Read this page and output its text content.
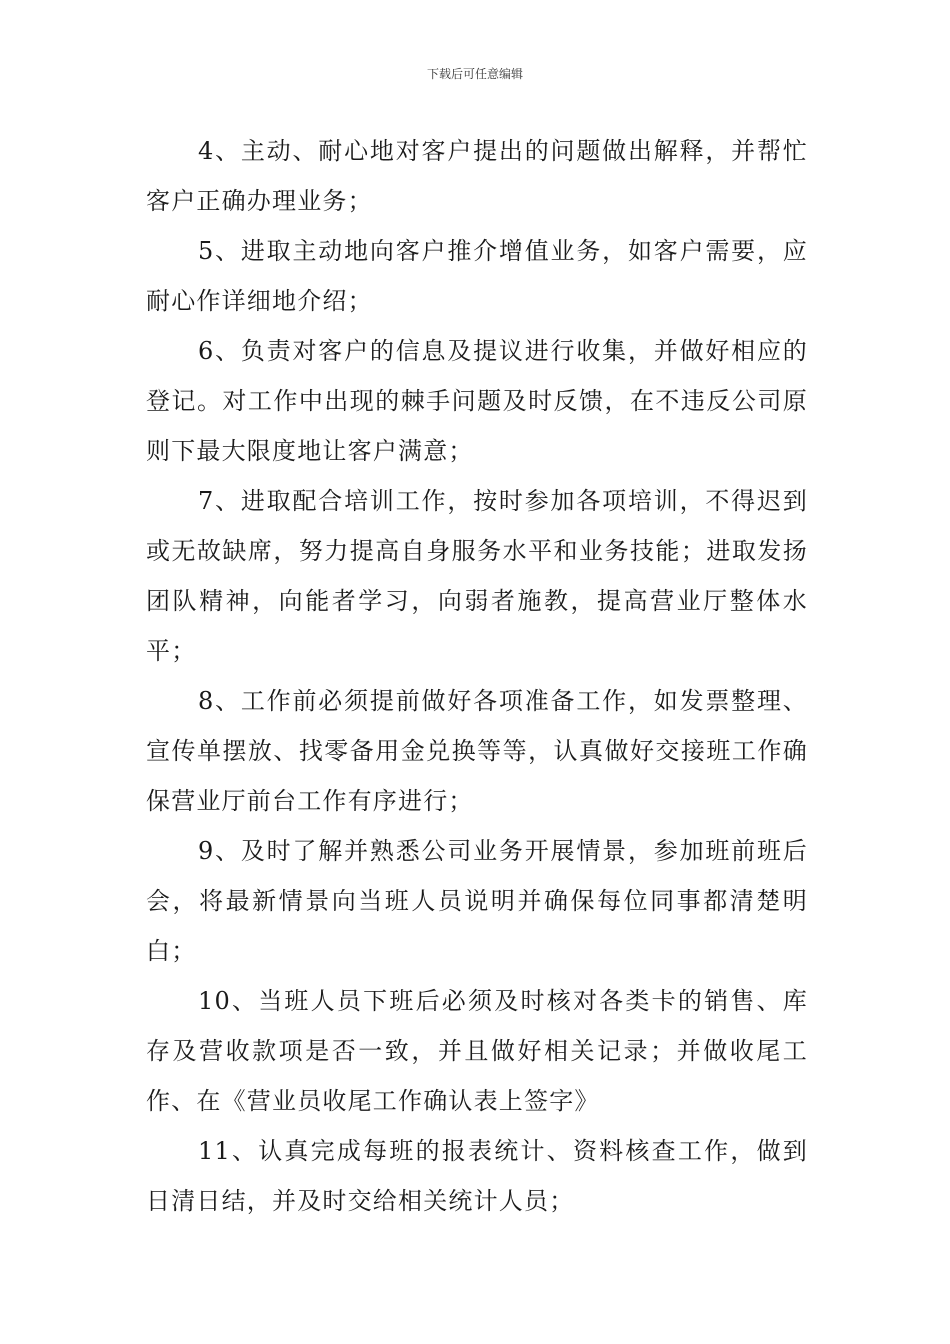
下载后可任意编辑

4、主动、耐心地对客户提出的问题做出解释，并帮忙客户正确办理业务；

5、进取主动地向客户推介增值业务，如客户需要，应耐心作详细地介绍；

6、负责对客户的信息及提议进行收集，并做好相应的登记。对工作中出现的棘手问题及时反馈，在不违反公司原则下最大限度地让客户满意；

7、进取配合培训工作，按时参加各项培训，不得迟到或无故缺席，努力提高自身服务水平和业务技能；进取发扬团队精神，向能者学习，向弱者施教，提高营业厅整体水平；

8、工作前必须提前做好各项准备工作，如发票整理、宣传单摆放、找零备用金兑换等等，认真做好交接班工作确保营业厅前台工作有序进行；

9、及时了解并熟悉公司业务开展情景，参加班前班后会，将最新情景向当班人员说明并确保每位同事都清楚明白；

10、当班人员下班后必须及时核对各类卡的销售、库存及营收款项是否一致，并且做好相关记录；并做收尾工作、在《营业员收尾工作确认表上签字》

11、认真完成每班的报表统计、资料核查工作，做到日清日结，并及时交给相关统计人员；
